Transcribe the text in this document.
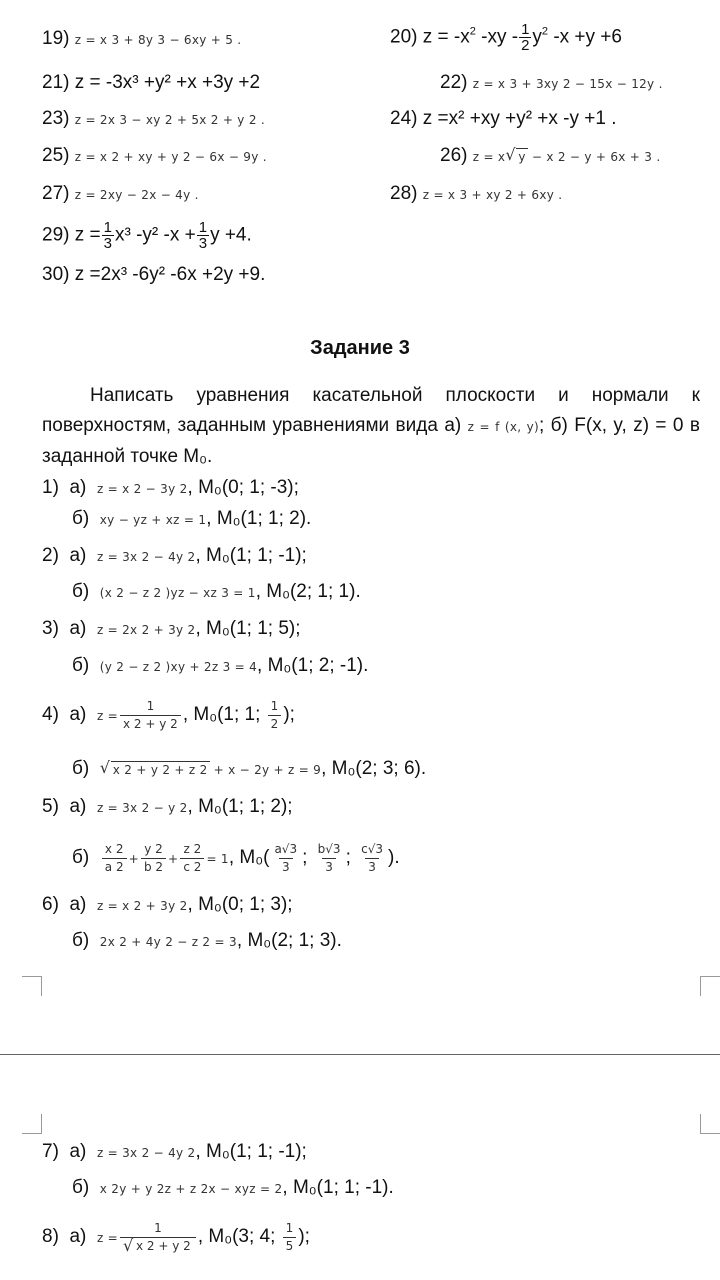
19) z = x 3 + 8y 3 − 6xy + 5 .	20) $z = -x^2$ $-xy - \frac{1}{2} y^2$ -x +y +6
21) z = -3x³ +y² +x +3y +2	22) z = x 3 + 3xy 2 − 15x − 12y .
23) z = 2x 3 − xy 2 + 5x 2 + y 2 .	24) z =x² +xy +y² +x -y +1 .
25) z = x 2 + xy + y 2 − 6x − 9y .	26) z = x √ y − x 2 − y + 6x + 3 .
27) z = 2xy − 2x − 4y .	28) z = x 3 + xy 2 + 6xy .
29) $z = \frac{1}{3} x^3$ -y² $-x + \frac{1}{3}$ y +4.
30) z =2x³ -6y² -6x +2y +9.
Задание 3
Написать уравнения касательной плоскости и нормали к поверхностям, заданным уравнениями вида а) z = f (x, y); б) F(x, y, z) = 0 в заданной точке M₀.
1) а) z = x 2 − 3y 2, M₀(0; 1; -3);
б) xy − yz + xz = 1, M₀(1; 1; 2).
2) а) z = 3x 2 − 4y 2, M₀(1; 1; -1);
б) (x 2 − z 2 )yz − xz 3 = 1, M₀(2; 1; 1).
3) а) z = 2x 2 + 3y 2, M₀(1; 1; 5);
б) (y 2 − z 2 )xy + 2z 3 = 4, M₀(1; 2; -1).
4) а) $z = \frac{1}{x 2 + y 2}$ , M₀(1; 1; $\frac{1}{2}$ );
б) √ x 2 + y 2 + z 2 + x − 2y + z = 9, M₀(2; 3; 6).
5) а) z = 3x 2 − y 2, M₀(1; 1; 2);
$б) \frac{x 2}{a 2} + \frac{y 2}{b 2} + \frac{z 2}{c 2} = 1$, $M_0( \frac{a√3}{3}$ ; $\frac{b√3}{3}$ ; $\frac{c√3}{3}$ ).
6) а) z = x 2 + 3y 2, M₀(0; 1; 3);
б) 2x 2 + 4y 2 − z 2 = 3, M₀(2; 1; 3).
7) а) z = 3x 2 − 4y 2, M₀(1; 1; -1);
б) x 2y + y 2z + z 2x − xyz = 2, M₀(1; 1; -1).
8) а) z = 1
√ x 2 + y 2 , M₀(3; 4; $\frac{1}{5}$ );
